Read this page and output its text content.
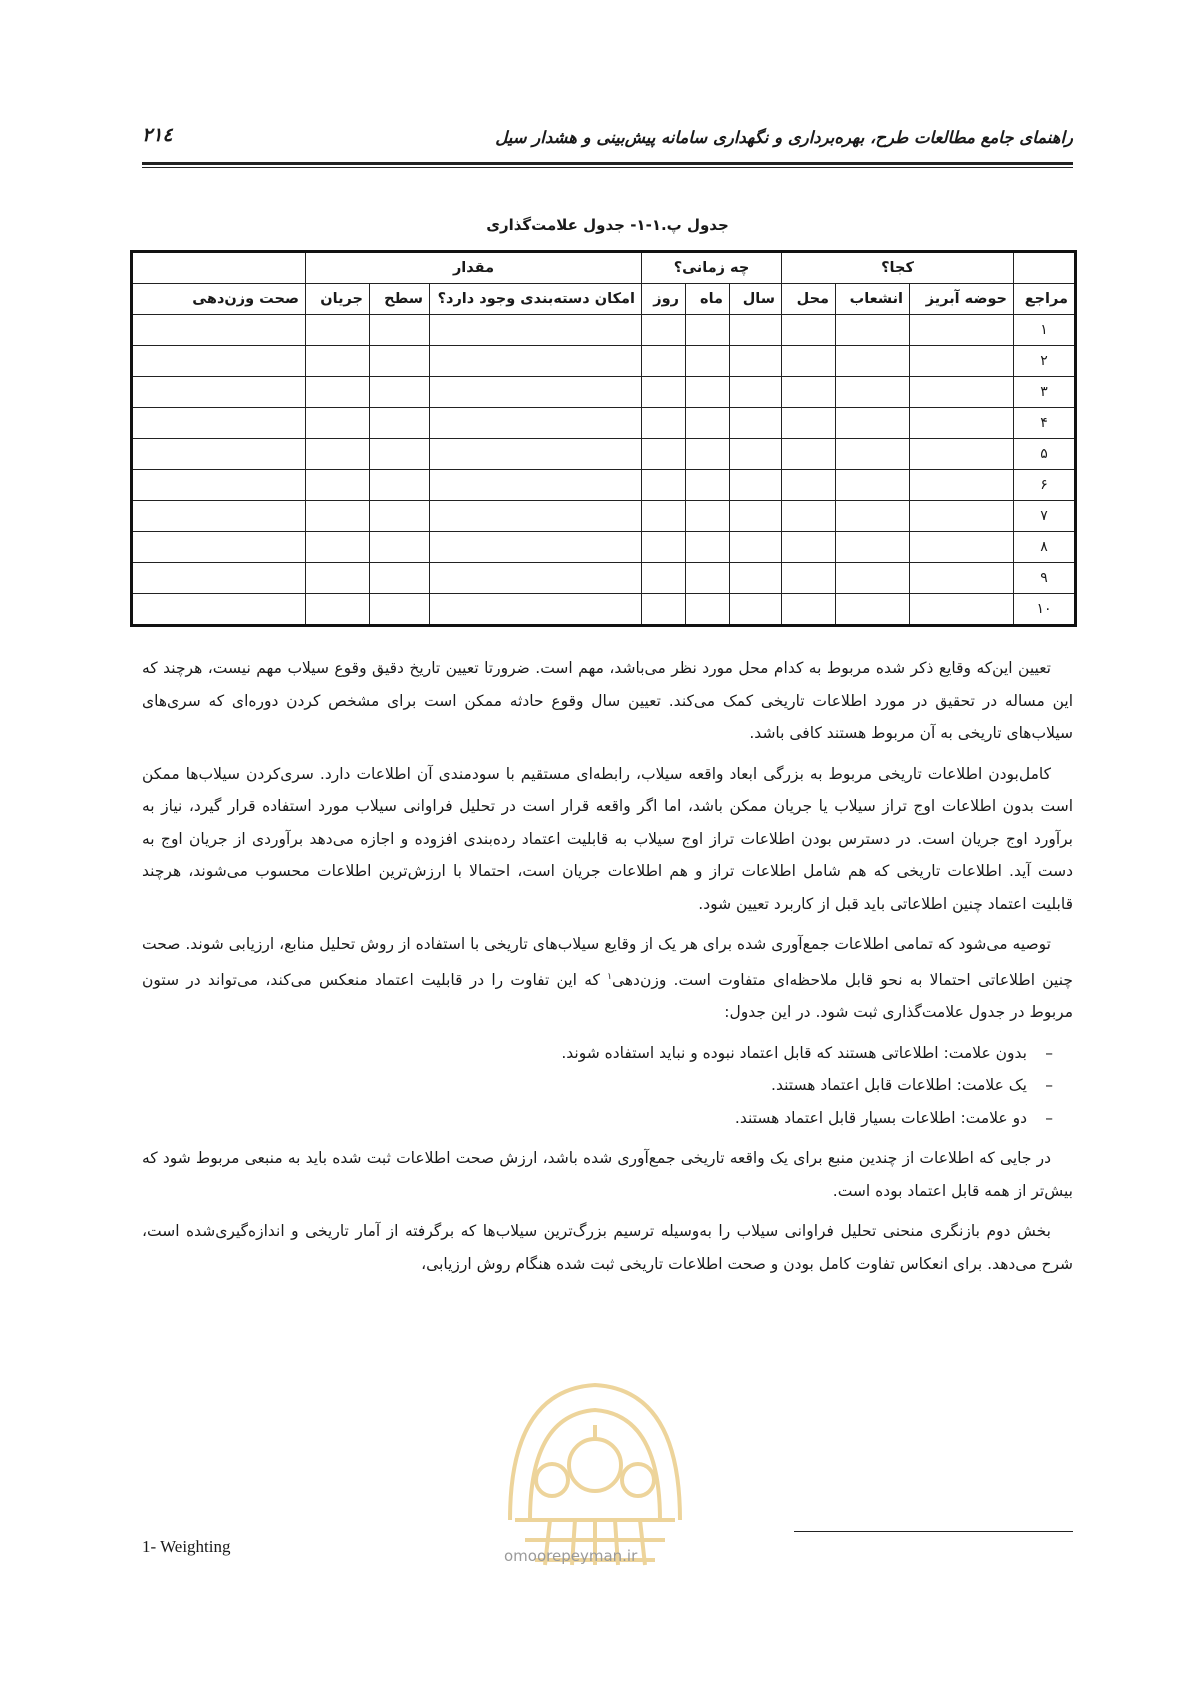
راهنمای جامع مطالعات طرح، بهره‌برداری و نگهداری سامانه پیش‌بینی و هشدار سیل
۲۱٤
جدول پ.۱-۱- جدول علامت‌گذاری
	کجا؟			چه زمانی؟			مقدار			
مراجع	حوضه آبریز	انشعاب	محل	سال	ماه	روز	امکان دسته‌بندی وجود دارد؟	سطح	جریان	صحت وزن‌دهی
۱										
۲										
۳										
۴										
۵										
۶										
۷										
۸										
۹										
۱۰										

تعیین این‌که وقایع ذکر شده مربوط به کدام محل مورد نظر می‌باشد، مهم است. ضرورتا تعیین تاریخ دقیق وقوع سیلاب مهم نیست، هرچند که این مساله در تحقیق در مورد اطلاعات تاریخی کمک می‌کند. تعیین سال وقوع حادثه ممکن است برای مشخص کردن دوره‌ای که سری‌های سیلاب‌های تاریخی به آن مربوط هستند کافی باشد.

کامل‌بودن اطلاعات تاریخی مربوط به بزرگی ابعاد واقعه سیلاب، رابطه‌ای مستقیم با سودمندی آن اطلاعات دارد. سری‌کردن سیلاب‌ها ممکن است بدون اطلاعات اوج تراز سیلاب یا جریان ممکن باشد، اما اگر واقعه قرار است در تحلیل فراوانی سیلاب مورد استفاده قرار گیرد، نیاز به برآورد اوج جریان است. در دسترس بودن اطلاعات تراز اوج سیلاب به قابلیت اعتماد رده‌بندی افزوده و اجازه می‌دهد برآوردی از جریان اوج به دست آید. اطلاعات تاریخی که هم شامل اطلاعات تراز و هم اطلاعات جریان است، احتمالا با ارزش‌ترین اطلاعات محسوب می‌شوند، هرچند قابلیت اعتماد چنین اطلاعاتی باید قبل از کاربرد تعیین شود.

توصیه می‌شود که تمامی اطلاعات جمع‌آوری شده برای هر یک از وقایع سیلاب‌های تاریخی با استفاده از روش تحلیل منابع، ارزیابی شوند. صحت چنین اطلاعاتی احتمالا به نحو قابل ملاحظه‌ای متفاوت است. وزن‌دهی$^۱$ که این تفاوت را در قابلیت اعتماد منعکس می‌کند، می‌تواند در ستون مربوط در جدول علامت‌گذاری ثبت شود. در این جدول:

–بدون علامت: اطلاعاتی هستند که قابل اعتماد نبوده و نباید استفاده شوند.
–یک علامت: اطلاعات قابل اعتماد هستند.
–دو علامت: اطلاعات بسیار قابل اعتماد هستند.

در جایی که اطلاعات از چندین منبع برای یک واقعه تاریخی جمع‌آوری شده باشد، ارزش صحت اطلاعات ثبت شده باید به منبعی مربوط شود که بیش‌تر از همه قابل اعتماد بوده است.

بخش دوم بازنگری منحنی تحلیل فراوانی سیلاب را به‌وسیله ترسیم بزرگ‌ترین سیلاب‌ها که برگرفته از آمار تاریخی و اندازه‌گیری‌شده است، شرح می‌دهد. برای انعکاس تفاوت کامل بودن و صحت اطلاعات تاریخی ثبت شده هنگام روش ارزیابی،

omoorepeyman.ir
1- Weighting
